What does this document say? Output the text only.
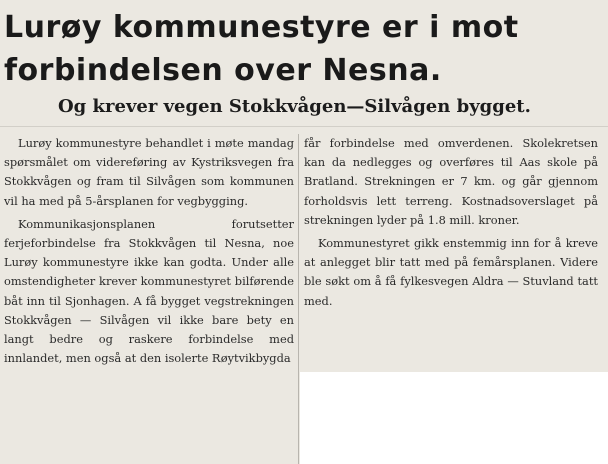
Lurøy kommunestyre er i mot
forbindelsen over Nesna.
Og krever vegen Stokkvågen—Silvågen bygget.

Lurøy kommunestyre behandlet i møte mandag spørsmålet om videreføring av Kystriksvegen fra Stokkvågen og fram til Silvågen som kommunen vil ha med på 5-årsplanen for vegbygging.

Kommunikasjonsplanen forutsetter ferjeforbindelse fra Stokkvågen til Nesna, noe Lurøy kommunestyre ikke kan godta. Under alle omstendigheter krever kommunestyret bilførende båt inn til Sjonhagen. A få bygget vegstrekningen Stokkvågen — Silvågen vil ikke bare bety en langt bedre og raskere forbindelse med innlandet, men også at den isolerte Røytvikbygda

får forbindelse med omverdenen. Skolekretsen kan da nedlegges og overføres til Aas skole på Bratland. Strekningen er 7 km. og går gjennom forholdsvis lett terreng. Kostnadsoverslaget på strekningen lyder på 1.8 mill. kroner.

Kommunestyret gikk enstemmig inn for å kreve at anlegget blir tatt med på femårsplanen. Videre ble søkt om å få fylkesvegen Aldra — Stuvland tatt med.
